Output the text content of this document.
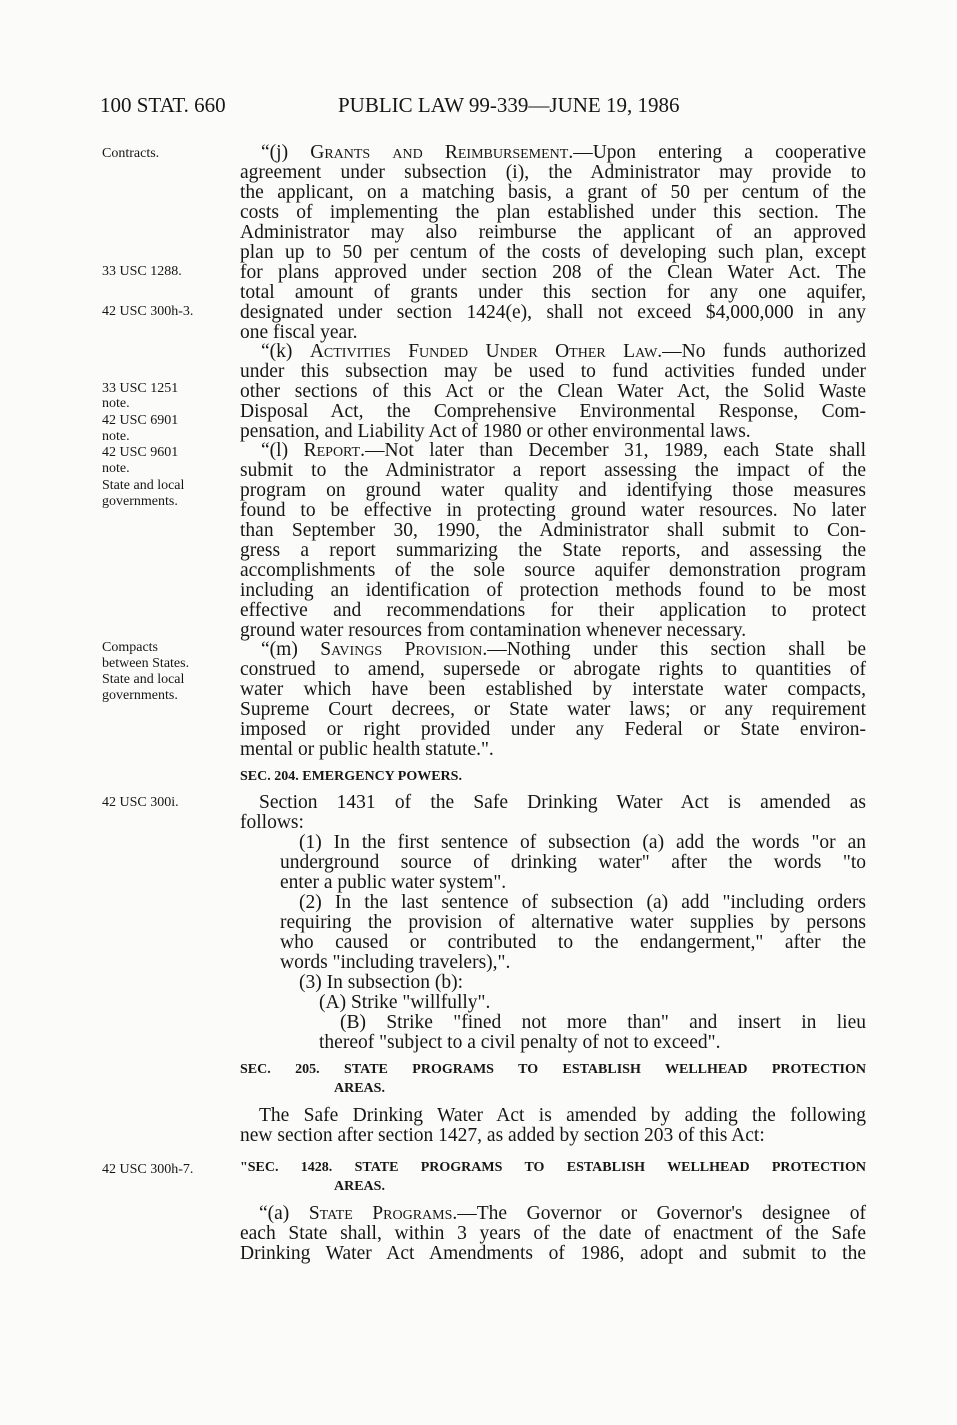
100 STAT. 660	PUBLIC LAW 99-339—JUNE 19, 1986
Contracts.
33 USC 1288.
42 USC 300h-3.
33 USC 1251
note.
42 USC 6901
note.
42 USC 9601
note.
State and local
governments.
Compacts
between States.
State and local
governments.
42 USC 300i.
42 USC 300h-7.
“(j) Grants and Reimbursement.—Upon entering a cooperative
agreement under subsection (i), the Administrator may provide to
the applicant, on a matching basis, a grant of 50 per centum of the
costs of implementing the plan established under this section. The
Administrator may also reimburse the applicant of an approved
plan up to 50 per centum of the costs of developing such plan, except
for plans approved under section 208 of the Clean Water Act. The
total amount of grants under this section for any one aquifer,
designated under section 1424(e), shall not exceed $4,000,000 in any
one fiscal year.
“(k) Activities Funded Under Other Law.—No funds authorized
under this subsection may be used to fund activities funded under
other sections of this Act or the Clean Water Act, the Solid Waste
Disposal Act, the Comprehensive Environmental Response, Com-
pensation, and Liability Act of 1980 or other environmental laws.
“(l) Report.—Not later than December 31, 1989, each State shall
submit to the Administrator a report assessing the impact of the
program on ground water quality and identifying those measures
found to be effective in protecting ground water resources. No later
than September 30, 1990, the Administrator shall submit to Con-
gress a report summarizing the State reports, and assessing the
accomplishments of the sole source aquifer demonstration program
including an identification of protection methods found to be most
effective and recommendations for their application to protect
ground water resources from contamination whenever necessary.
“(m) Savings Provision.—Nothing under this section shall be
construed to amend, supersede or abrogate rights to quantities of
water which have been established by interstate water compacts,
Supreme Court decrees, or State water laws; or any requirement
imposed or right provided under any Federal or State environ-
mental or public health statute.".
SEC. 204. EMERGENCY POWERS.
Section 1431 of the Safe Drinking Water Act is amended as
follows:
(1) In the first sentence of subsection (a) add the words "or an
underground source of drinking water" after the words "to
enter a public water system".
(2) In the last sentence of subsection (a) add "including orders
requiring the provision of alternative water supplies by persons
who caused or contributed to the endangerment," after the
words "including travelers),".
(3) In subsection (b):
(A) Strike "willfully".
(B) Strike "fined not more than" and insert in lieu
thereof "subject to a civil penalty of not to exceed".
SEC. 205. STATE PROGRAMS TO ESTABLISH WELLHEAD PROTECTION
AREAS.
The Safe Drinking Water Act is amended by adding the following
new section after section 1427, as added by section 203 of this Act:
"SEC. 1428. STATE PROGRAMS TO ESTABLISH WELLHEAD PROTECTION
AREAS.
“(a) State Programs.—The Governor or Governor's designee of
each State shall, within 3 years of the date of enactment of the Safe
Drinking Water Act Amendments of 1986, adopt and submit to the
